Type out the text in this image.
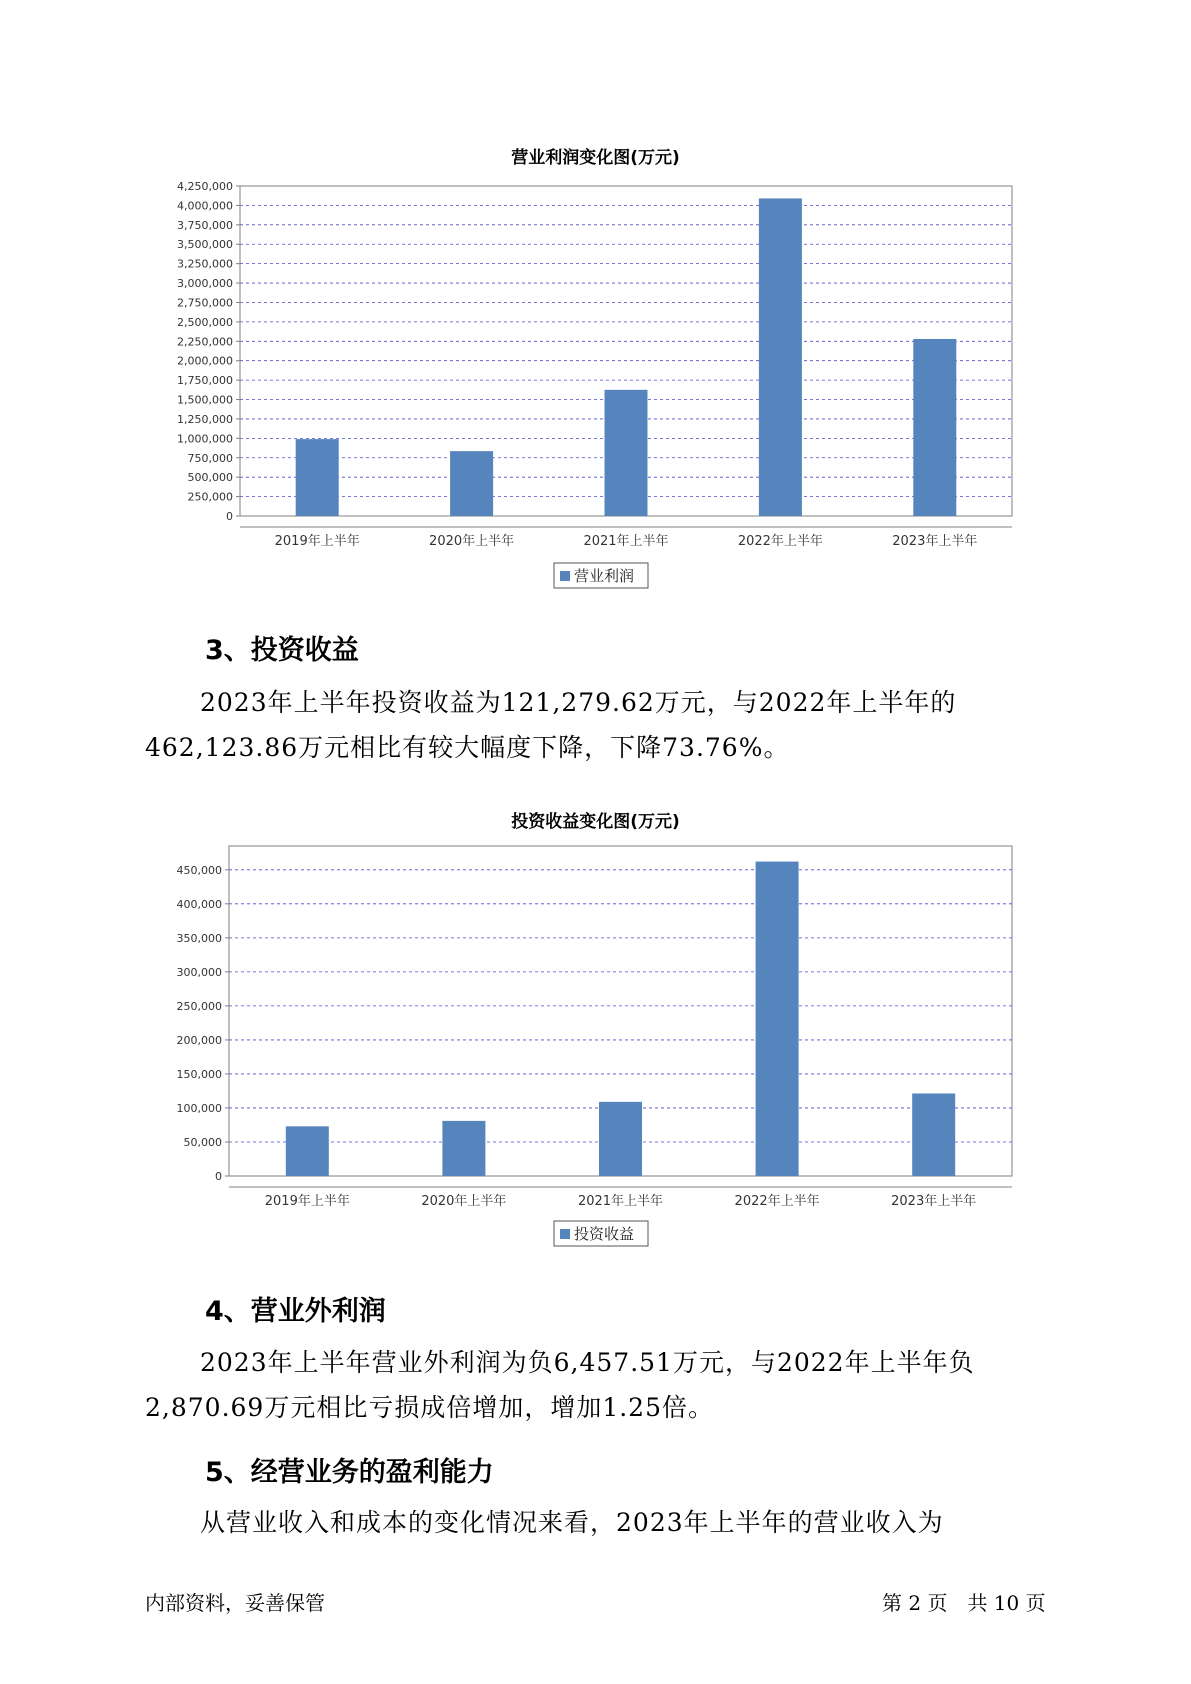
营业利润变化图(万元)
0
250,000
500,000
750,000
1,000,000
1,250,000
1,500,000
1,750,000
2,000,000
2,250,000
2,500,000
2,750,000
3,000,000
3,250,000
3,500,000
3,750,000
4,000,000
4,250,000
2019年上半年	2020年上半年	2021年上半年	2022年上半年	2023年上半年
营业利润
3、投资收益
2023年上半年投资收益为121,279.62万元，与2022年上半年的
462,123.86万元相比有较大幅度下降，下降73.76%。
投资收益变化图(万元)
0
50,000
100,000
150,000
200,000
250,000
300,000
350,000
400,000
450,000
2019年上半年	2020年上半年	2021年上半年	2022年上半年	2023年上半年
投资收益
4、营业外利润
2023年上半年营业外利润为负6,457.51万元，与2022年上半年负
2,870.69万元相比亏损成倍增加，增加1.25倍。
5、经营业务的盈利能力
从营业收入和成本的变化情况来看，2023年上半年的营业收入为
内部资料，妥善保管	第 2 页　共 10 页
